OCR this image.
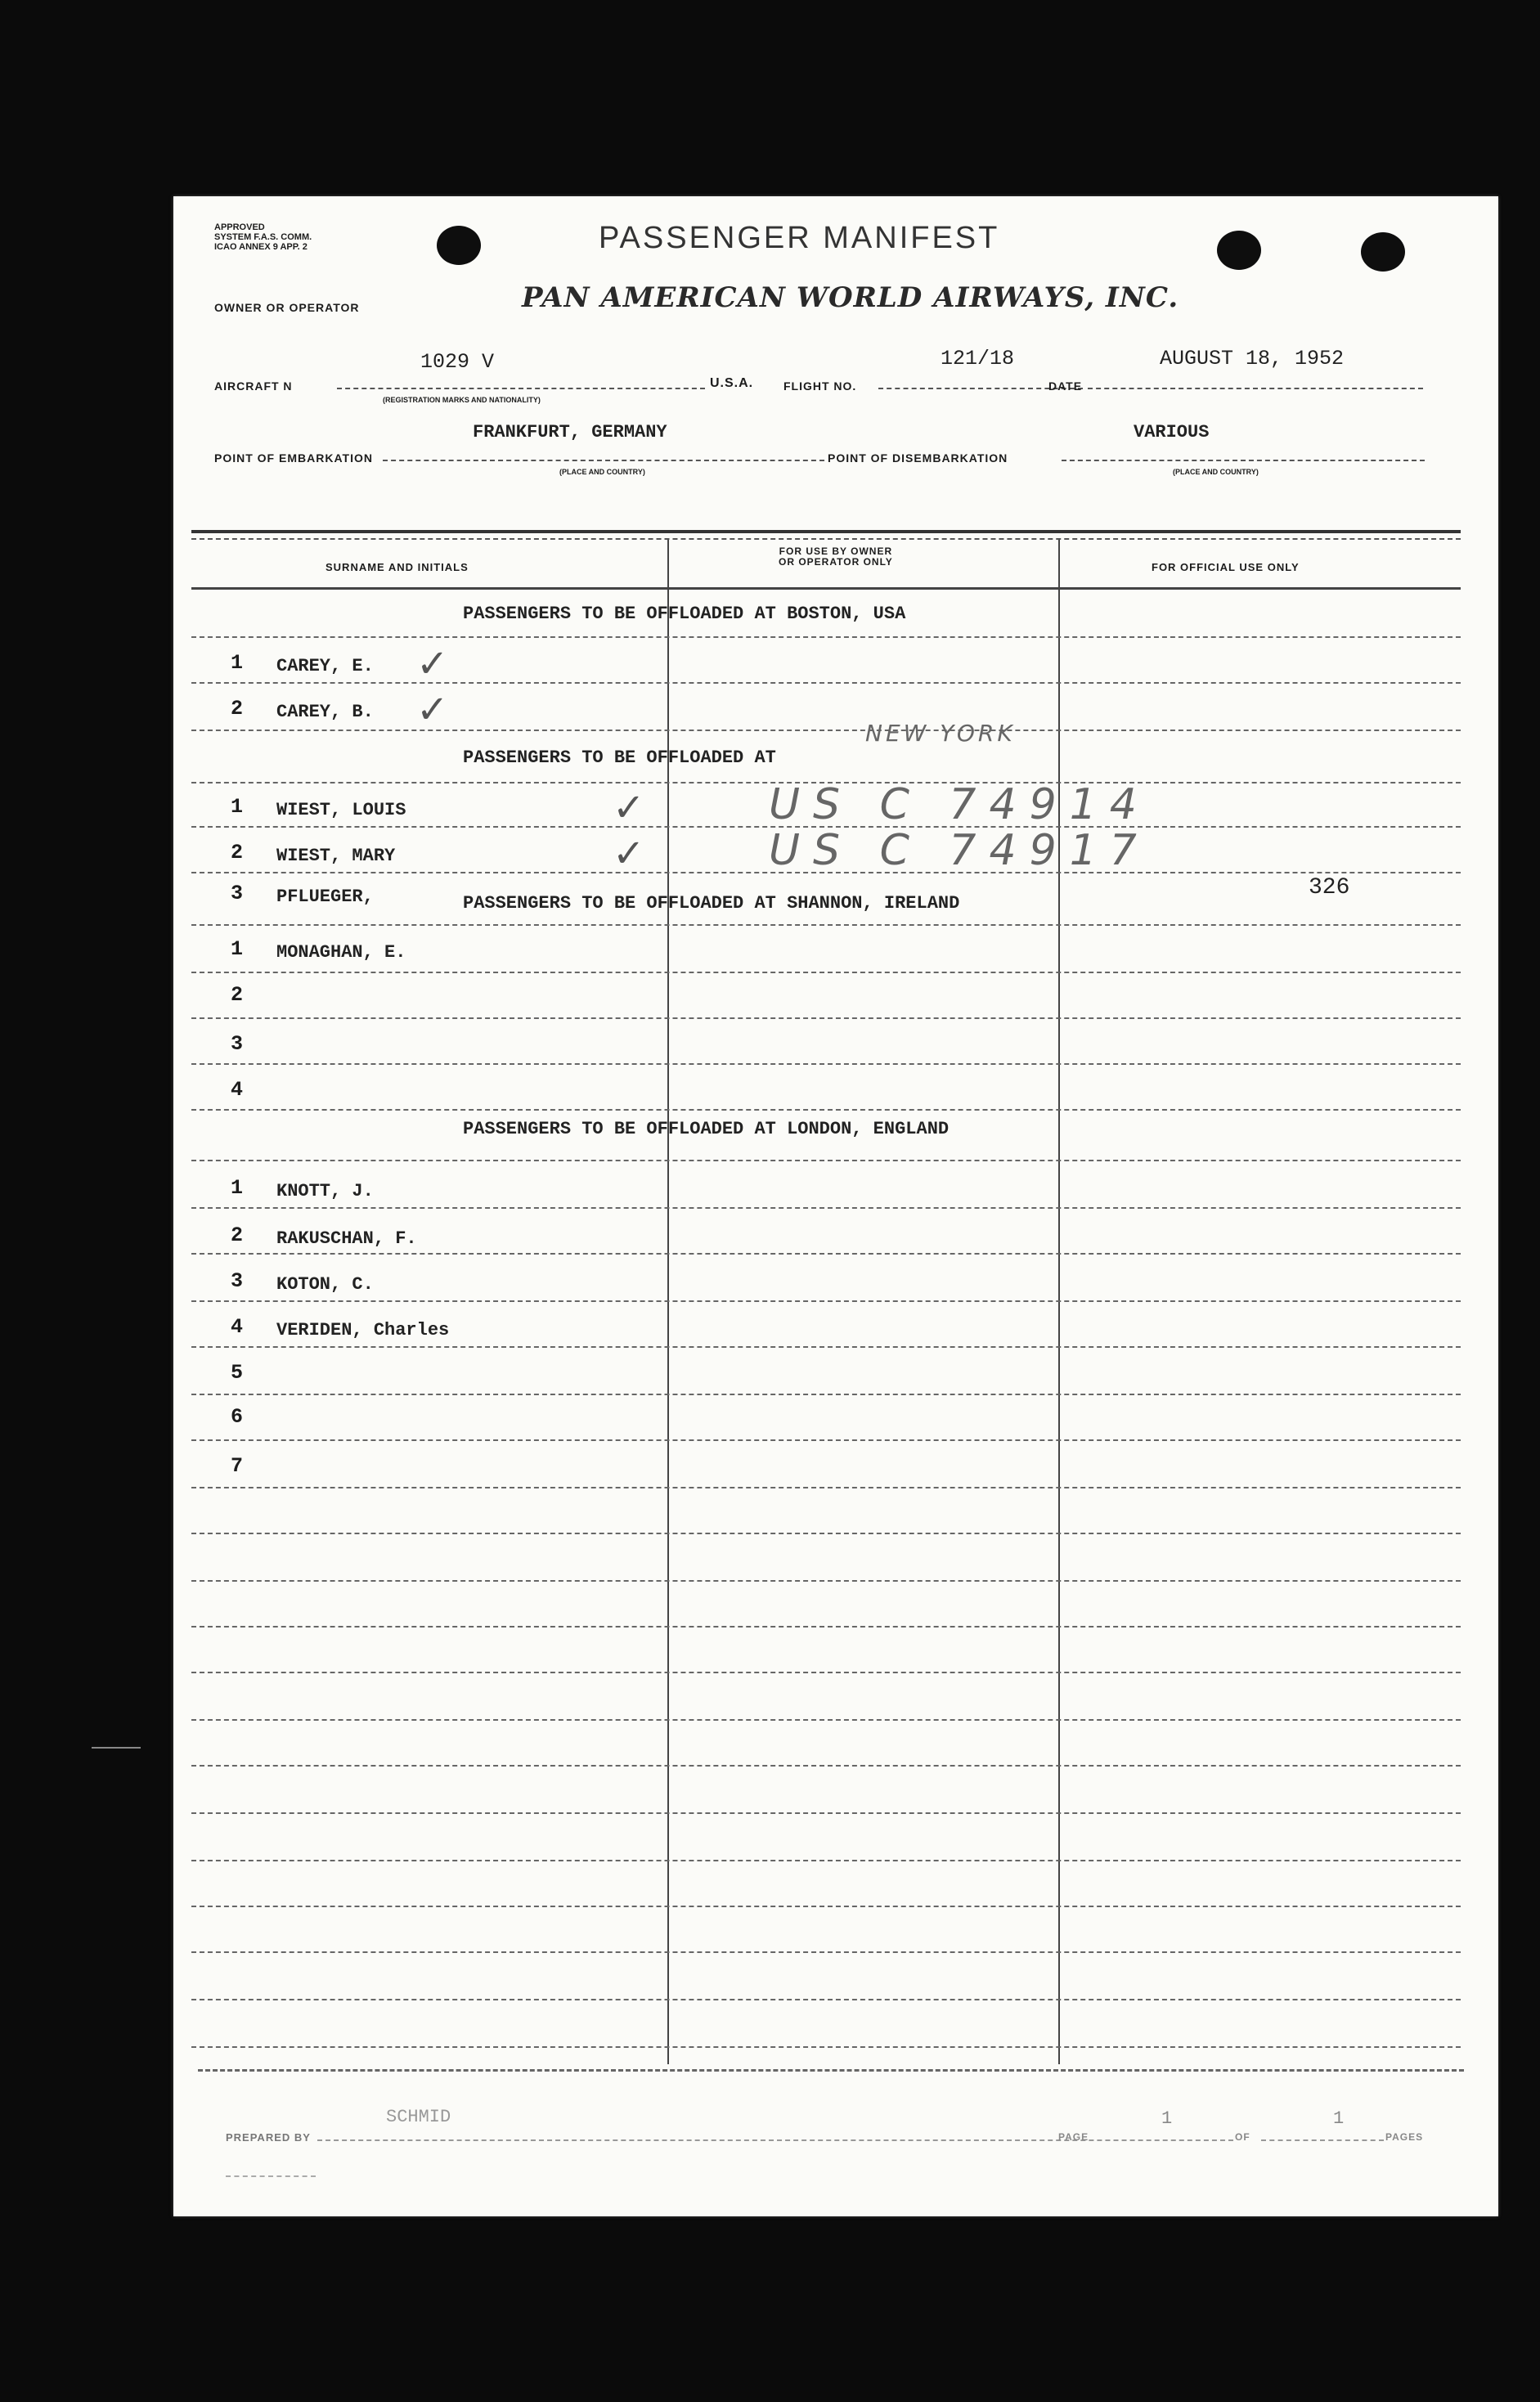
APPROVED
SYSTEM F.A.S. COMM.
ICAO ANNEX 9 APP. 2	PASSENGER MANIFEST
OWNER OR OPERATOR	PAN AMERICAN WORLD AIRWAYS, INC.
AIRCRAFT N
1029 V
(REGISTRATION MARKS AND NATIONALITY)
U.S.A.	FLIGHT NO.
121/18
DATE
AUGUST 18, 1952
POINT OF EMBARKATION
FRANKFURT, GERMANY
(PLACE AND COUNTRY)
POINT OF DISEMBARKATION
VARIOUS
(PLACE AND COUNTRY)
SURNAME AND INITIALS
FOR USE BY OWNER
OR OPERATOR ONLY	FOR OFFICIAL USE ONLY
PASSENGERS TO BE OFFLOADED AT BOSTON, USA
1 CAREY, E. ✓
2 CAREY, B. ✓
PASSENGERS TO BE OFFLOADED AT
NEW YORK
1 WIEST, LOUIS	✓	US C 74914
2 WIEST, MARY	✓	US C 74917
3 PFLUEGER,	326
PASSENGERS TO BE OFFLOADED AT SHANNON, IRELAND
1 MONAGHAN, E.
2
3
4
PASSENGERS TO BE OFFLOADED AT LONDON, ENGLAND
1 KNOTT, J.
2 RAKUSCHAN, F.
3 KOTON, C.
4 VERIDEN, Charles
5
6
7
PREPARED BY
SCHMID
PAGE
1
OF
1
PAGES
